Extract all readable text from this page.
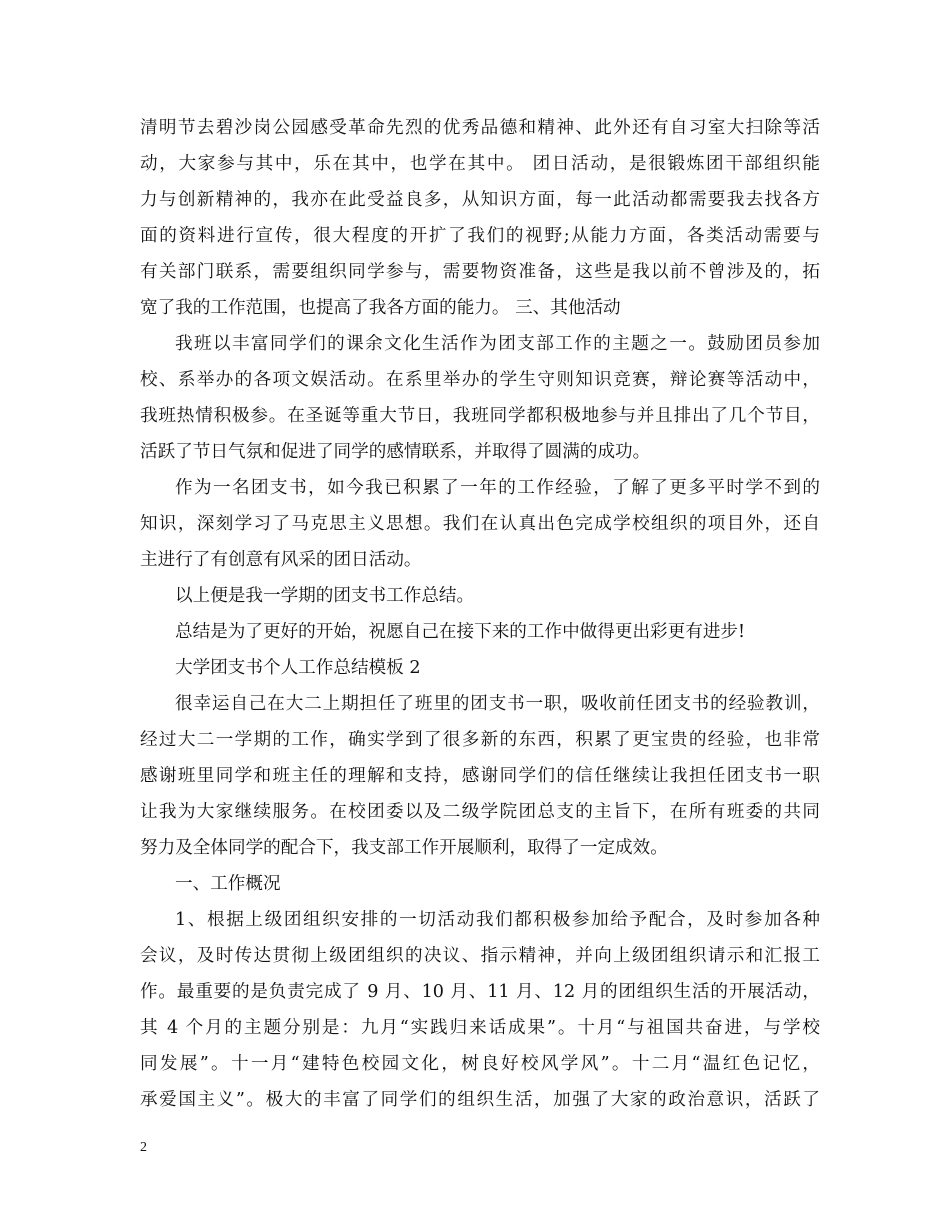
清明节去碧沙岗公园感受革命先烈的优秀品德和精神、此外还有自习室大扫除等活
动，大家参与其中，乐在其中，也学在其中。 团日活动，是很锻炼团干部组织能
力与创新精神的，我亦在此受益良多，从知识方面，每一此活动都需要我去找各方
面的资料进行宣传，很大程度的开扩了我们的视野;从能力方面，各类活动需要与
有关部门联系，需要组织同学参与，需要物资准备，这些是我以前不曾涉及的，拓
宽了我的工作范围，也提高了我各方面的能力。 三、其他活动
我班以丰富同学们的课余文化生活作为团支部工作的主题之一。鼓励团员参加
校、系举办的各项文娱活动。在系里举办的学生守则知识竞赛，辩论赛等活动中，
我班热情积极参。在圣诞等重大节日，我班同学都积极地参与并且排出了几个节目，
活跃了节日气氛和促进了同学的感情联系，并取得了圆满的成功。
作为一名团支书，如今我已积累了一年的工作经验，了解了更多平时学不到的
知识，深刻学习了马克思主义思想。我们在认真出色完成学校组织的项目外，还自
主进行了有创意有风采的团日活动。
以上便是我一学期的团支书工作总结。
总结是为了更好的开始，祝愿自己在接下来的工作中做得更出彩更有进步!
大学团支书个人工作总结模板 2
很幸运自己在大二上期担任了班里的团支书一职，吸收前任团支书的经验教训，
经过大二一学期的工作，确实学到了很多新的东西，积累了更宝贵的经验，也非常
感谢班里同学和班主任的理解和支持，感谢同学们的信任继续让我担任团支书一职
让我为大家继续服务。在校团委以及二级学院团总支的主旨下，在所有班委的共同
努力及全体同学的配合下，我支部工作开展顺利，取得了一定成效。
一、工作概况
1、根据上级团组织安排的一切活动我们都积极参加给予配合，及时参加各种
会议，及时传达贯彻上级团组织的决议、指示精神，并向上级团组织请示和汇报工
作。最重要的是负责完成了 9 月、10 月、11 月、12 月的团组织生活的开展活动，
其 4 个月的主题分别是：九月“实践归来话成果”。十月“与祖国共奋进，与学校
同发展”。十一月“建特色校园文化，树良好校风学风”。十二月“温红色记忆，
承爱国主义”。极大的丰富了同学们的组织生活，加强了大家的政治意识，活跃了
2
